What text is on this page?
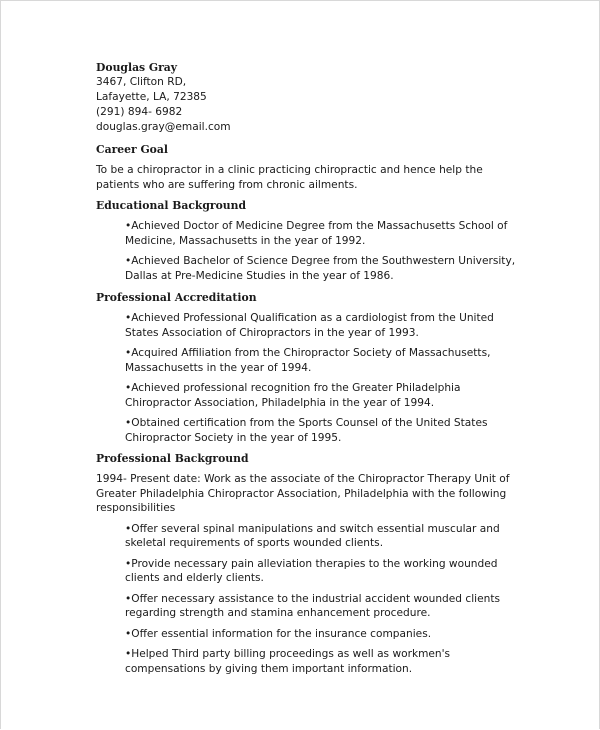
Douglas Gray
3467, Clifton RD,
Lafayette, LA, 72385
(291) 894- 6982
douglas.gray@email.com
Career Goal

To be a chiropractor in a clinic practicing chiropractic and hence help the patients who are suffering from chronic ailments.

Educational Background
•Achieved Doctor of Medicine Degree from the Massachusetts School of Medicine, Massachusetts in the year of 1992.
•Achieved Bachelor of Science Degree from the Southwestern University, Dallas at Pre-Medicine Studies in the year of 1986.
Professional Accreditation
•Achieved Professional Qualification as a cardiologist from the United States Association of Chiropractors in the year of 1993.
•Acquired Affiliation from the Chiropractor Society of Massachusetts, Massachusetts in the year of 1994.
•Achieved professional recognition fro the Greater Philadelphia Chiropractor Association, Philadelphia in the year of 1994.
•Obtained certification from the Sports Counsel of the United States Chiropractor Society in the year of 1995.
Professional Background

1994- Present date: Work as the associate of the Chiropractor Therapy Unit of Greater Philadelphia Chiropractor Association, Philadelphia with the following responsibilities

•Offer several spinal manipulations and switch essential muscular and skeletal requirements of sports wounded clients.
•Provide necessary pain alleviation therapies to the working wounded clients and elderly clients.
•Offer necessary assistance to the industrial accident wounded clients regarding strength and stamina enhancement procedure.
•Offer essential information for the insurance companies.
•Helped Third party billing proceedings as well as workmen's compensations by giving them important information.
